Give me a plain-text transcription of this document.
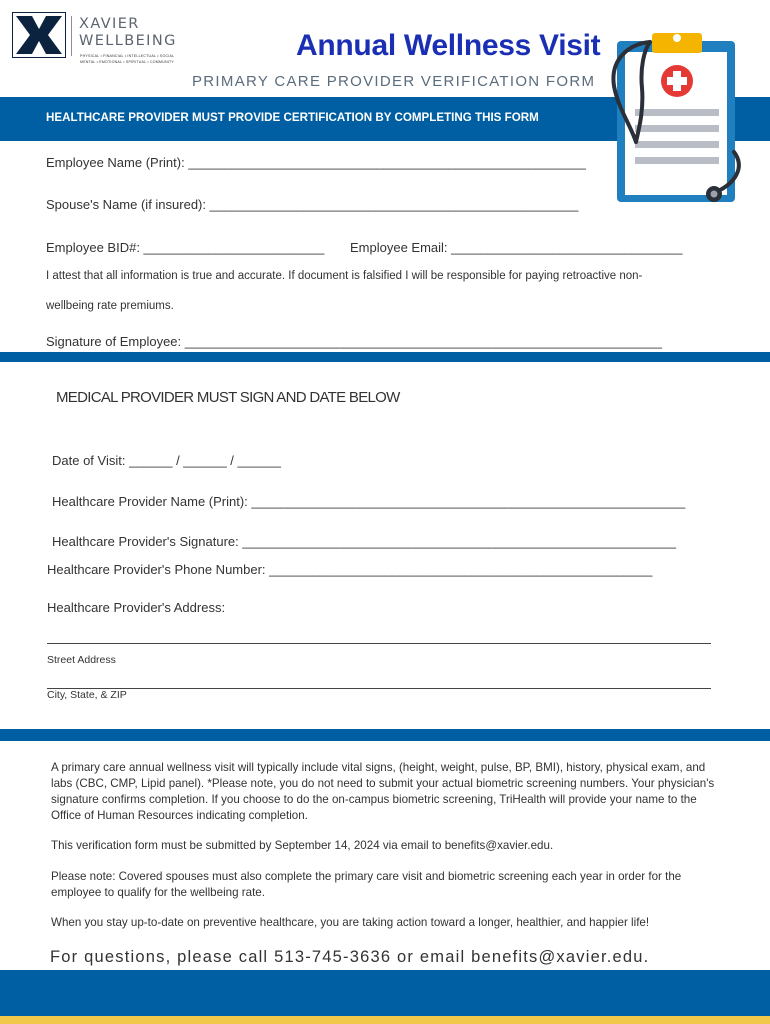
XAVIER
WELLBEING
PHYSICAL • FINANCIAL • INTELLECTUAL • SOCIAL
MENTAL • EMOTIONAL • SPIRITUAL • COMMUNITY	Annual Wellness Visit
PRIMARY CARE PROVIDER VERIFICATION FORM
HEALTHCARE PROVIDER MUST PROVIDE CERTIFICATION BY COMPLETING THIS FORM
Employee Name (Print): _______________________________________________________
Spouse's Name (if insured): ___________________________________________________
Employee BID#: _________________________ Employee Email: ________________________________
I attest that all information is true and accurate. If document is falsified I will be responsible for paying retroactive non-
wellbeing rate premiums.
Signature of Employee: __________________________________________________________________
MEDICAL PROVIDER MUST SIGN AND DATE BELOW
Date of Visit: ______ / ______ / ______
Healthcare Provider Name (Print): ____________________________________________________________
Healthcare Provider's Signature: ____________________________________________________________
Healthcare Provider's Phone Number: _____________________________________________________
Healthcare Provider's Address:
Street Address
City, State, & ZIP
A primary care annual wellness visit will typically include vital signs, (height, weight, pulse, BP, BMI), history, physical exam, and labs (CBC, CMP, Lipid panel). *Please note, you do not need to submit your actual biometric screening numbers. Your physician's signature confirms completion. If you choose to do the on-campus biometric screening, TriHealth will provide your name to the Office of Human Resources indicating completion.
This verification form must be submitted by September 14, 2024 via email to benefits@xavier.edu.
Please note: Covered spouses must also complete the primary care visit and biometric screening each year in order for the employee to qualify for the wellbeing rate.
When you stay up-to-date on preventive healthcare, you are taking action toward a longer, healthier, and happier life!
For questions, please call 513-745-3636 or email benefits@xavier.edu.
